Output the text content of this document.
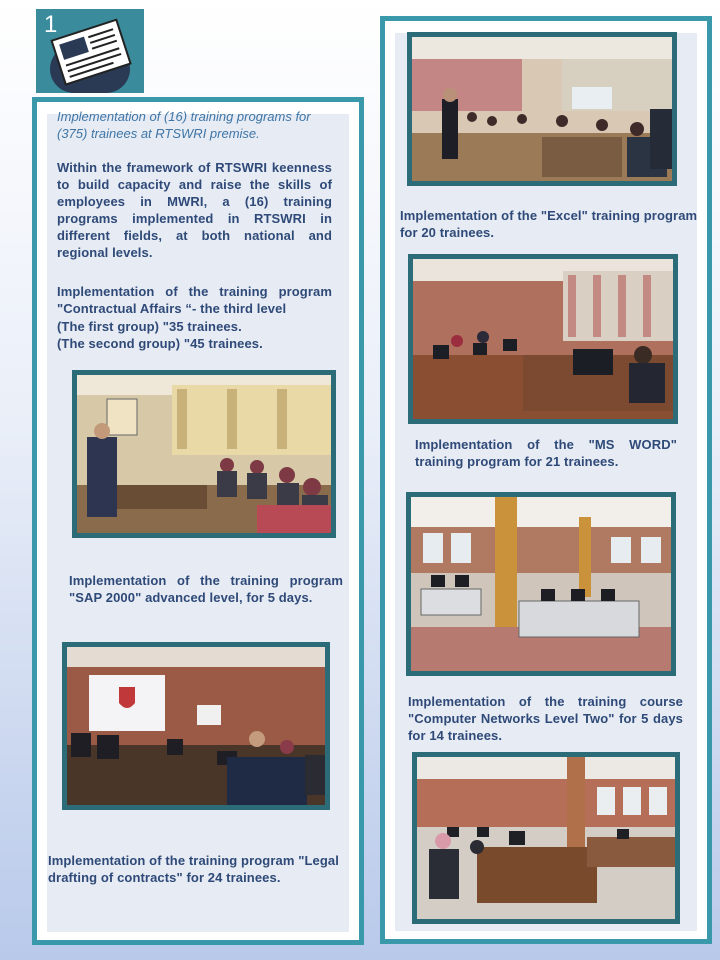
1
Implementation of (16) training programs for (375) trainees at RTSWRI premise.
Within the framework of RTSWRI keenness to build capacity and raise the skills of employees in MWRI, a (16) training programs implemented in RTSWRI in different fields, at both national and regional levels.
Implementation of the training program "Contractual Affairs “- the third level
(The first group) "35 trainees.
(The second group) "45 trainees.
Implementation of the training program "SAP 2000" advanced level, for 5 days.
Implementation of the training program "Legal drafting of contracts" for 24 trainees.
Implementation of the "Excel" training program for 20 trainees.
Implementation of the "MS WORD" training program for 21 trainees.
Implementation of the training course "Computer Networks Level Two" for 5 days for 14 trainees.
